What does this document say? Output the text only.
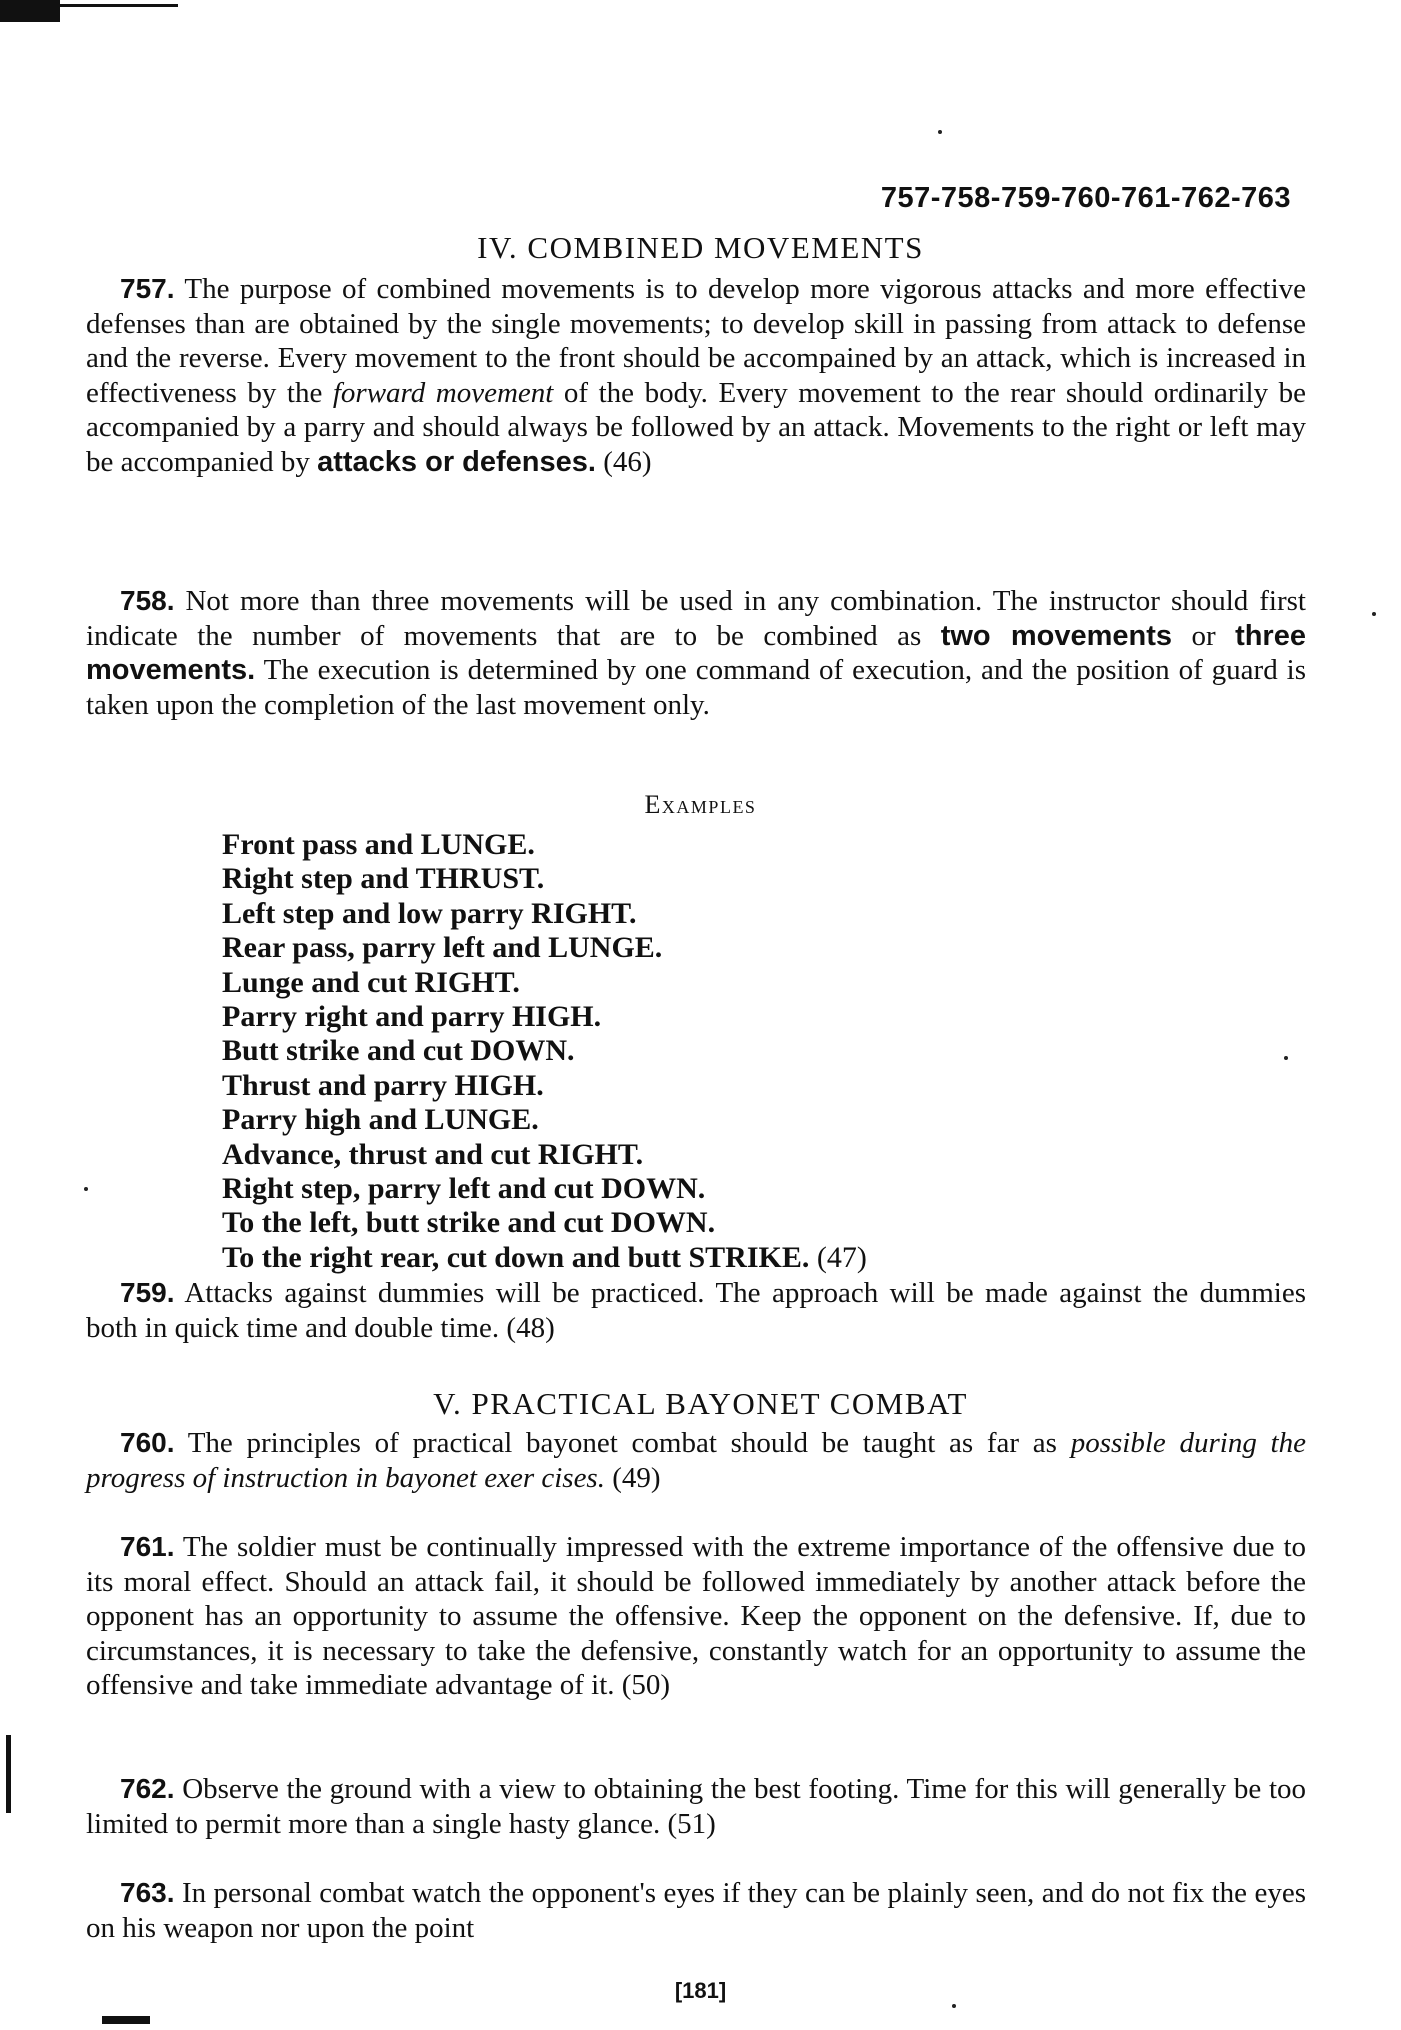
757-758-759-760-761-762-763
IV. COMBINED MOVEMENTS

757. The purpose of combined movements is to develop more vigorous attacks and more effective defenses than are obtained by the single movements; to develop skill in passing from attack to defense and the reverse. Every movement to the front should be accompained by an attack, which is increased in effectiveness by the forward movement of the body. Every movement to the rear should ordinarily be accompanied by a parry and should always be followed by an attack. Movements to the right or left may be accompanied by attacks or defenses. (46)

758. Not more than three movements will be used in any combination. The instructor should first indicate the number of movements that are to be combined as two movements or three movements. The execution is determined by one command of execution, and the position of guard is taken upon the completion of the last movement only.

Examples
Front pass and LUNGE.
Right step and THRUST.
Left step and low parry RIGHT.
Rear pass, parry left and LUNGE.
Lunge and cut RIGHT.
Parry right and parry HIGH.
Butt strike and cut DOWN.
Thrust and parry HIGH.
Parry high and LUNGE.
Advance, thrust and cut RIGHT.
Right step, parry left and cut DOWN.
To the left, butt strike and cut DOWN.
To the right rear, cut down and butt STRIKE. (47)

759. Attacks against dummies will be practiced. The approach will be made against the dummies both in quick time and double time. (48)

V. PRACTICAL BAYONET COMBAT

760. The principles of practical bayonet combat should be taught as far as possible during the progress of instruction in bayonet exer cises. (49)

761. The soldier must be continually impressed with the extreme importance of the offensive due to its moral effect. Should an attack fail, it should be followed immediately by another attack before the opponent has an opportunity to assume the offensive. Keep the opponent on the defensive. If, due to circumstances, it is necessary to take the defensive, constantly watch for an opportunity to assume the offensive and take immediate advantage of it. (50)

762. Observe the ground with a view to obtaining the best footing. Time for this will generally be too limited to permit more than a single hasty glance. (51)

763. In personal combat watch the opponent's eyes if they can be plainly seen, and do not fix the eyes on his weapon nor upon the point

[181]
